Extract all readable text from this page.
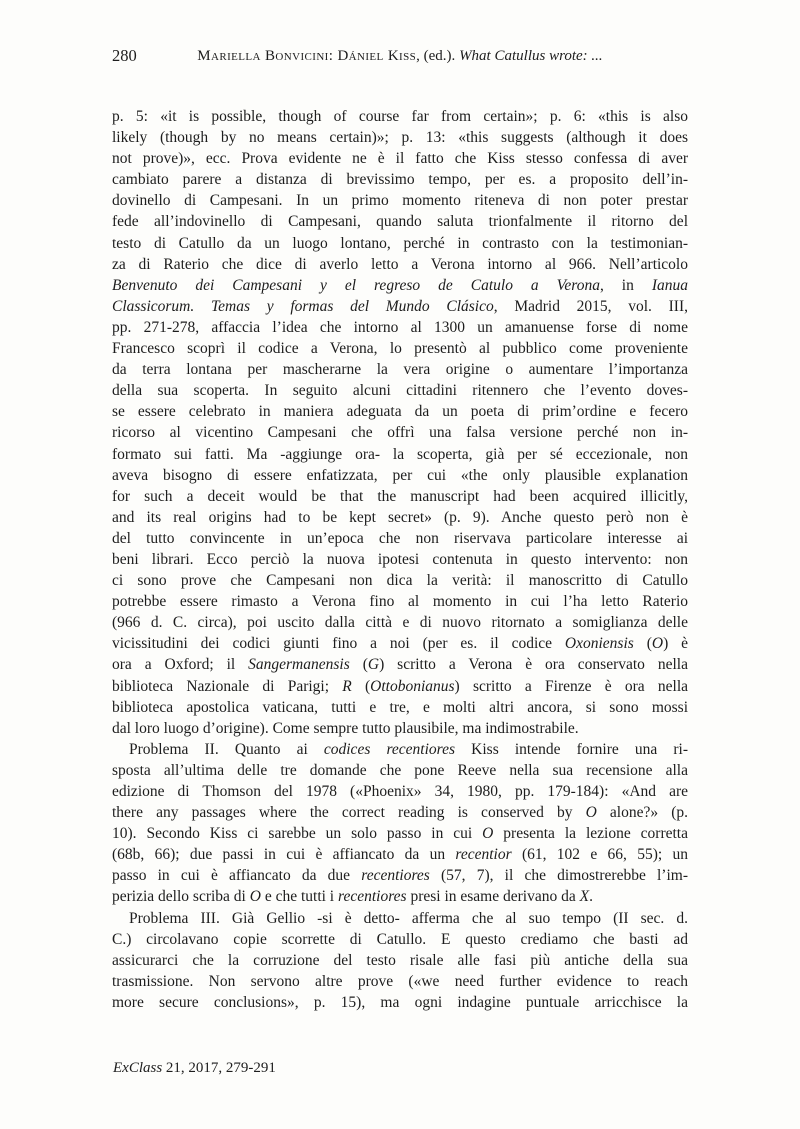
280	Mariella Bonvicini: Dániel Kiss, (ed.). What Catullus wrote: ...
p. 5: «it is possible, though of course far from certain»; p. 6: «this is also
likely (though by no means certain)»; p. 13: «this suggests (although it does
not prove)», ecc. Prova evidente ne è il fatto che Kiss stesso confessa di aver
cambiato parere a distanza di brevissimo tempo, per es. a proposito dell’in-
dovinello di Campesani. In un primo momento riteneva di non poter prestar
fede all’indovinello di Campesani, quando saluta trionfalmente il ritorno del
testo di Catullo da un luogo lontano, perché in contrasto con la testimonian-
za di Raterio che dice di averlo letto a Verona intorno al 966. Nell’articolo
Benvenuto dei Campesani y el regreso de Catulo a Verona, in Ianua
Classicorum. Temas y formas del Mundo Clásico, Madrid 2015, vol. III,
pp. 271-278, affaccia l’idea che intorno al 1300 un amanuense forse di nome
Francesco scoprì il codice a Verona, lo presentò al pubblico come proveniente
da terra lontana per mascherarne la vera origine o aumentare l’importanza
della sua scoperta. In seguito alcuni cittadini ritennero che l’evento doves-
se essere celebrato in maniera adeguata da un poeta di prim’ordine e fecero
ricorso al vicentino Campesani che offrì una falsa versione perché non in-
formato sui fatti. Ma -aggiunge ora- la scoperta, già per sé eccezionale, non
aveva bisogno di essere enfatizzata, per cui «the only plausible explanation
for such a deceit would be that the manuscript had been acquired illicitly,
and its real origins had to be kept secret» (p. 9). Anche questo però non è
del tutto convincente in un’epoca che non riservava particolare interesse ai
beni librari. Ecco perciò la nuova ipotesi contenuta in questo intervento: non
ci sono prove che Campesani non dica la verità: il manoscritto di Catullo
potrebbe essere rimasto a Verona fino al momento in cui l’ha letto Raterio
(966 d. C. circa), poi uscito dalla città e di nuovo ritornato a somiglianza delle
vicissitudini dei codici giunti fino a noi (per es. il codice Oxoniensis (O) è
ora a Oxford; il Sangermanensis (G) scritto a Verona è ora conservato nella
biblioteca Nazionale di Parigi; R (Ottobonianus) scritto a Firenze è ora nella
biblioteca apostolica vaticana, tutti e tre, e molti altri ancora, si sono mossi
dal loro luogo d’origine). Come sempre tutto plausibile, ma indimostrabile.
Problema II. Quanto ai codices recentiores Kiss intende fornire una ri-
sposta all’ultima delle tre domande che pone Reeve nella sua recensione alla
edizione di Thomson del 1978 («Phoenix» 34, 1980, pp. 179-184): «And are
there any passages where the correct reading is conserved by O alone?» (p.
10). Secondo Kiss ci sarebbe un solo passo in cui O presenta la lezione corretta
(68b, 66); due passi in cui è affiancato da un recentior (61, 102 e 66, 55); un
passo in cui è affiancato da due recentiores (57, 7), il che dimostrerebbe l’im-
perizia dello scriba di O e che tutti i recentiores presi in esame derivano da X.
Problema III. Già Gellio -si è detto- afferma che al suo tempo (II sec. d.
C.) circolavano copie scorrette di Catullo. E questo crediamo che basti ad
assicurarci che la corruzione del testo risale alle fasi più antiche della sua
trasmissione. Non servono altre prove («we need further evidence to reach
more secure conclusions», p. 15), ma ogni indagine puntuale arricchisce la
ExClass 21, 2017, 279-291
